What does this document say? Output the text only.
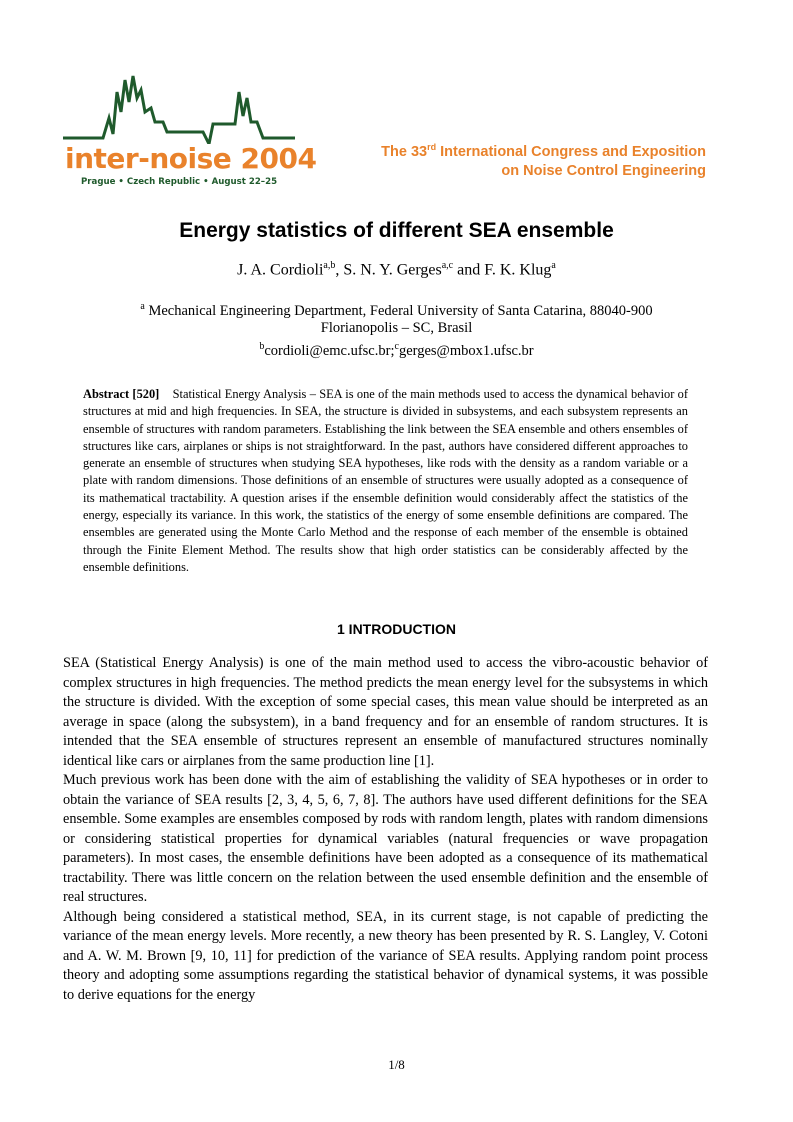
inter-noise 2004
Prague • Czech Republic • August 22–25
The 33rd International Congress and Exposition
on Noise Control Engineering
Energy statistics of different SEA ensemble
J. A. Cordioli$^{a,b}$, S. N. Y. Gerges$^{a,c}$ and F. K. Klug$^a$
$^a$ Mechanical Engineering Department, Federal University of Santa Catarina, 88040-900
Florianopolis – SC, Brasil
$^b$cordioli@emc.ufsc.br;$^c$gerges@mbox1.ufsc.br
Abstract [520] Statistical Energy Analysis – SEA is one of the main methods used to access the dynamical behavior of structures at mid and high frequencies. In SEA, the structure is divided in subsystems, and each subsystem represents an ensemble of structures with random parameters. Establishing the link between the SEA ensemble and others ensembles of structures like cars, airplanes or ships is not straightforward. In the past, authors have considered different approaches to generate an ensemble of structures when studying SEA hypotheses, like rods with the density as a random variable or a plate with random dimensions. Those definitions of an ensemble of structures were usually adopted as a consequence of its mathematical tractability. A question arises if the ensemble definition would considerably affect the statistics of the energy, especially its variance. In this work, the statistics of the energy of some ensemble definitions are compared. The ensembles are generated using the Monte Carlo Method and the response of each member of the ensemble is obtained through the Finite Element Method. The results show that high order statistics can be considerably affected by the ensemble definitions.
1 INTRODUCTION

SEA (Statistical Energy Analysis) is one of the main method used to access the vibro-acoustic behavior of complex structures in high frequencies. The method predicts the mean energy level for the subsystems in which the structure is divided. With the exception of some special cases, this mean value should be interpreted as an average in space (along the subsystem), in a band frequency and for an ensemble of random structures. It is intended that the SEA ensemble of structures represent an ensemble of manufactured structures nominally identical like cars or airplanes from the same production line [1].

Much previous work has been done with the aim of establishing the validity of SEA hypotheses or in order to obtain the variance of SEA results [2, 3, 4, 5, 6, 7, 8]. The authors have used different definitions for the SEA ensemble. Some examples are ensembles composed by rods with random length, plates with random dimensions or considering statistical properties for dynamical variables (natural frequencies or wave propagation parameters). In most cases, the ensemble definitions have been adopted as a consequence of its mathematical tractability. There was little concern on the relation between the used ensemble definition and the ensemble of real structures.

Although being considered a statistical method, SEA, in its current stage, is not capable of predicting the variance of the mean energy levels. More recently, a new theory has been presented by R. S. Langley, V. Cotoni and A. W. M. Brown [9, 10, 11] for prediction of the variance of SEA results. Applying random point process theory and adopting some assumptions regarding the statistical behavior of dynamical systems, it was possible to derive equations for the energy

1/8
